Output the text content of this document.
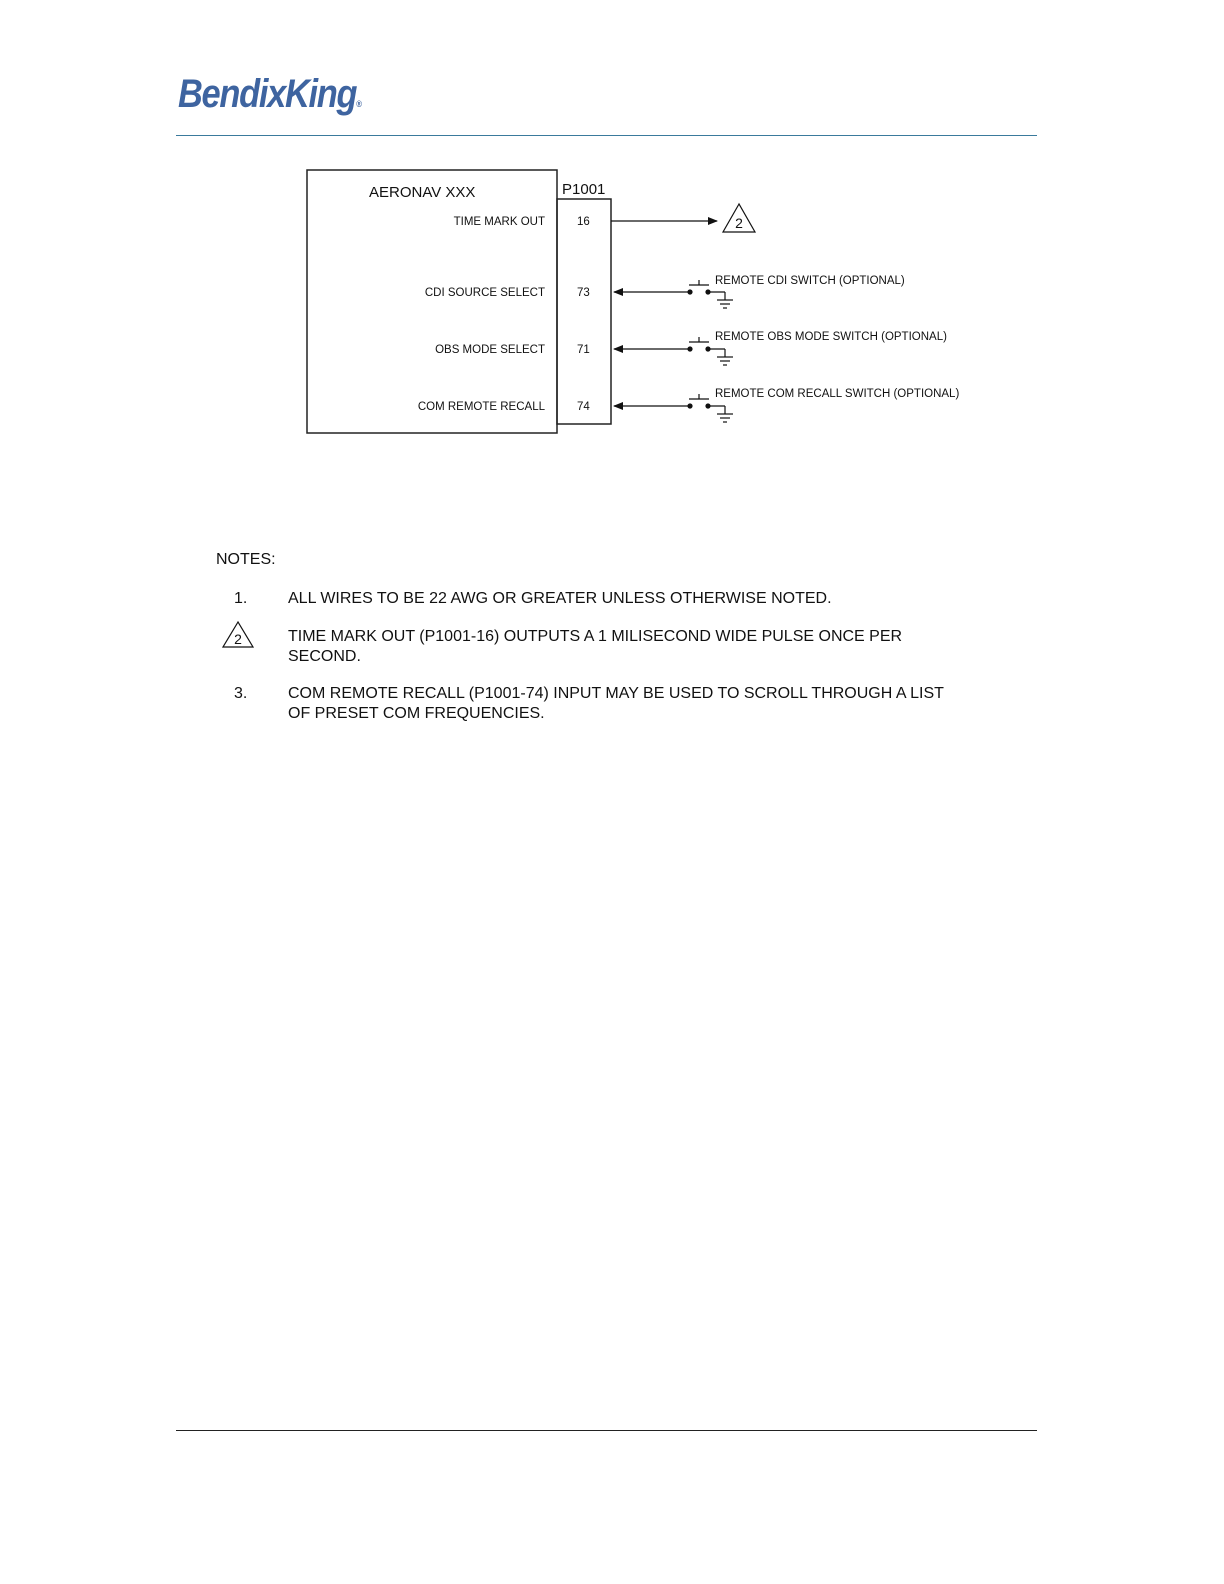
BendixKing®
AERONAV XXX	P1001
TIME MARK OUT
CDI SOURCE SELECT
OBS MODE SELECT
COM REMOTE RECALL
16
73
71
74
2
REMOTE CDI SWITCH (OPTIONAL)
REMOTE OBS MODE SWITCH (OPTIONAL)
REMOTE COM RECALL SWITCH (OPTIONAL)
NOTES:
1.	ALL WIRES TO BE 22 AWG OR GREATER UNLESS OTHERWISE NOTED.
2	TIME MARK OUT (P1001-16) OUTPUTS A 1 MILISECOND WIDE PULSE ONCE PER SECOND.
3.	COM REMOTE RECALL (P1001-74) INPUT MAY BE USED TO SCROLL THROUGH A LIST OF PRESET COM FREQUENCIES.
